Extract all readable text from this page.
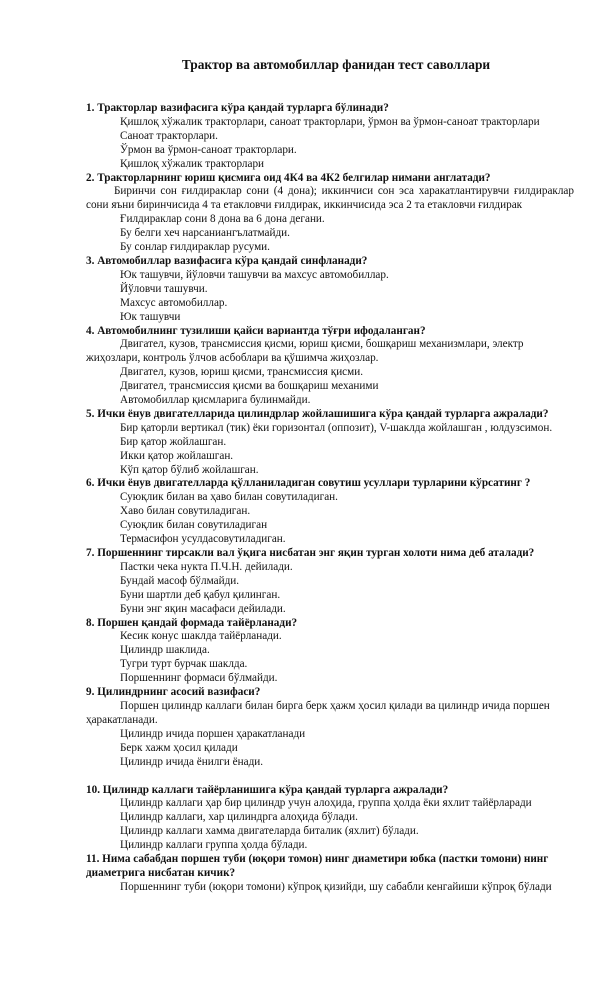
Трактор ва автомобиллар фанидан тест саволлари

1. Тракторлар вазифасига кўра қандай турларга бўлинади?

Қишлоқ хўжалик тракторлари, саноат тракторлари, ўрмон ва ўрмон-саноат тракторлари

Саноат тракторлари.

Ўрмон ва ўрмон-саноат тракторлари.

Қишлоқ хўжалик тракторлари

2. Тракторларнинг юриш қисмига оид 4К4 ва 4К2 белгилар нимани англатади?

Биринчи сон ғилдираклар сони (4 дона); иккинчиси сон эса харакатлантирувчи ғилдираклар сони яъни биринчисида 4 та етакловчи ғилдирак, иккинчисида эса 2 та етакловчи ғилдирак

Ғилдираклар сони 8 дона ва 6 дона дегани.

Бу белги хеч нарсаниангълатмайди.

Бу сонлар ғилдираклар русуми.

3. Автомобиллар вазифасига кўра қандай синфланади?

Юк ташувчи, йўловчи ташувчи ва махсус автомобиллар.

Йўловчи ташувчи.

Махсус автомобиллар.

Юк ташувчи

4. Автомобилнинг тузилиши қайси вариантда тўғри ифодаланган?

Двигател, кузов, трансмиссия қисми, юриш қисми, бошқариш механизмлари, электр жиҳозлари, контроль ўлчов асбоблари ва қўшимча жиҳозлар.

Двигател, кузов, юриш қисми, трансмиссия қисми.

Двигател, трансмиссия қисми ва бошқариш механими

Автомобиллар қисмларига булинмайди.

5. Ички ёнув двигателларида цилиндрлар жойлашишига кўра қандай турларга ажралади?

Бир қаторли вертикал (тик) ёки горизонтал (оппозит), V-шаклда жойлашган , юлдузсимон.

Бир қатор жойлашган.

Икки қатор жойлашган.

Кўп қатор бўлиб жойлашган.

6. Ички ёнув двигателларда қўлланиладиган совутиш усуллари турларини кўрсатинг ?

Суюқлик билан ва ҳаво билан совутиладиган.

Хаво билан совутиладиган.

Суюқлик билан совутиладиган

Термасифон усулдасовутиладиган.

7. Поршеннинг тирсакли вал ўқига нисбатан энг яқин турган холоти нима деб аталади?

Пастки чека нукта П.Ч.Н. дейилади.

Бундай масоф бўлмайди.

Буни шартли деб қабул қилинган.

Буни энг яқин масафаси дейилади.

8. Поршен қандай формада тайёрланади?

Кесик конус шаклда тайёрланади.

Цилиндр шаклида.

Тугри турт бурчак шаклда.

Поршеннинг формаси бўлмайди.

9. Цилиндрнинг асосий вазифаси?

Поршен цилиндр каллаги билан бирга берк ҳажм ҳосил қилади ва цилиндр ичида поршен ҳаракатланади.

Цилиндр ичида поршен ҳаракатланади

Берк хажм ҳосил қилади

Цилиндр ичида ёнилги ёнади.

10. Цилиндр каллаги тайёрланишига кўра қандай турларга ажралади?

Цилиндр каллаги ҳар бир цилиндр учун алоҳида, группа ҳолда ёки яхлит тайёрларади

Цилиндр каллаги, хар цилиндрга алоҳида бўлади.

Цилиндр каллаги хамма двигателарда биталик (яхлит) бўлади.

Цилиндр каллаги группа ҳолда бўлади.

11. Нима сабабдан поршен туби (юқори томон) нинг диаметири юбка (пастки томони) нинг диаметрига нисбатан кичик?

Поршеннинг туби (юқори томони) кўпроқ қизийди, шу сабабли кенгайиши кўпроқ бўлади
